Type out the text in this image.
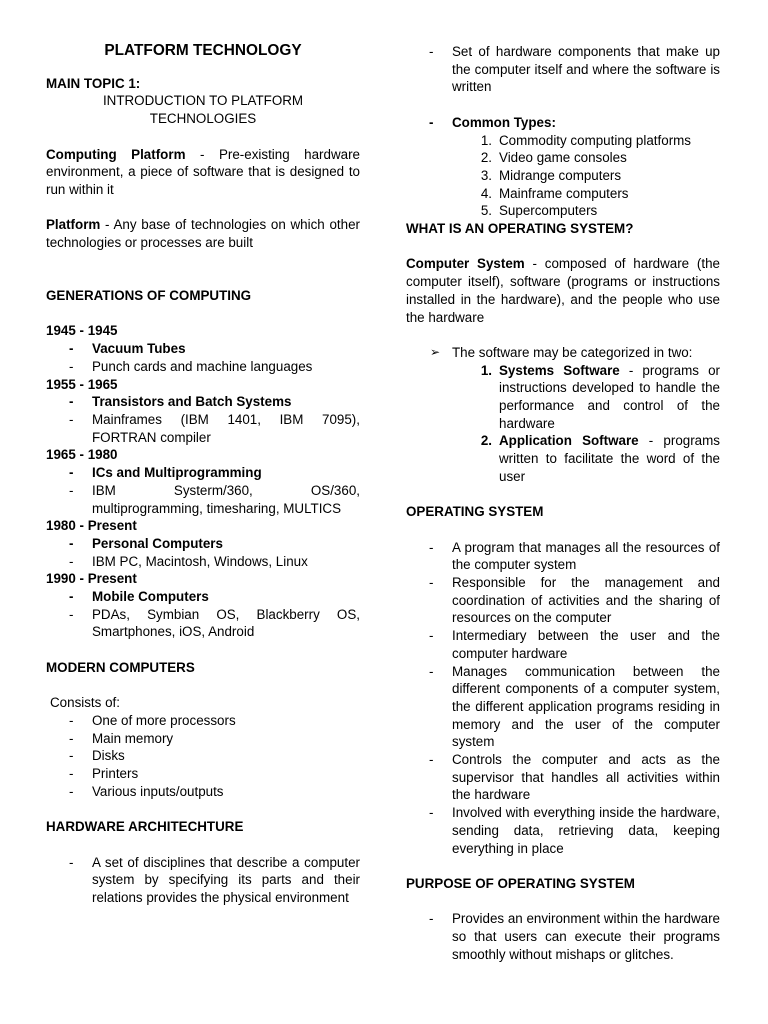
PLATFORM TECHNOLOGY

MAIN TOPIC 1:

INTRODUCTION TO PLATFORM

TECHNOLOGIES

Computing Platform - Pre-existing hardware environment, a piece of software that is designed to run within it

Platform - Any base of technologies on which other technologies or processes are built

GENERATIONS OF COMPUTING

1945 - 1945

- Vacuum Tubes

- Punch cards and machine languages

1955 - 1965

- Transistors and Batch Systems

- Mainframes (IBM 1401, IBM 7095), FORTRAN compiler

1965 - 1980

- ICs and Multiprogramming

- IBM Systerm/360, OS/360, multiprogramming, timesharing, MULTICS

1980 - Present

- Personal Computers

- IBM PC, Macintosh, Windows, Linux

1990 - Present

- Mobile Computers

- PDAs, Symbian OS, Blackberry OS, Smartphones, iOS, Android

MODERN COMPUTERS

Consists of:

- One of more processors

- Main memory

- Disks

- Printers

- Various inputs/outputs

HARDWARE ARCHITECHTURE

- A set of disciplines that describe a computer system by specifying its parts and their relations provides the physical environment

- Set of hardware components that make up the computer itself and where the software is written

- Common Types:

1. Commodity computing platforms

2. Video game consoles

3. Midrange computers

4. Mainframe computers

5. Supercomputers

WHAT IS AN OPERATING SYSTEM?

Computer System - composed of hardware (the computer itself), software (programs or instructions installed in the hardware), and the people who use the hardware

➢ The software may be categorized in two:

1. Systems Software - programs or instructions developed to handle the performance and control of the hardware

2. Application Software - programs written to facilitate the word of the user

OPERATING SYSTEM

- A program that manages all the resources of the computer system

- Responsible for the management and coordination of activities and the sharing of resources on the computer

- Intermediary between the user and the computer hardware

- Manages communication between the different components of a computer system, the different application programs residing in memory and the user of the computer system

- Controls the computer and acts as the supervisor that handles all activities within the hardware

- Involved with everything inside the hardware, sending data, retrieving data, keeping everything in place

PURPOSE OF OPERATING SYSTEM

- Provides an environment within the hardware so that users can execute their programs smoothly without mishaps or glitches.
